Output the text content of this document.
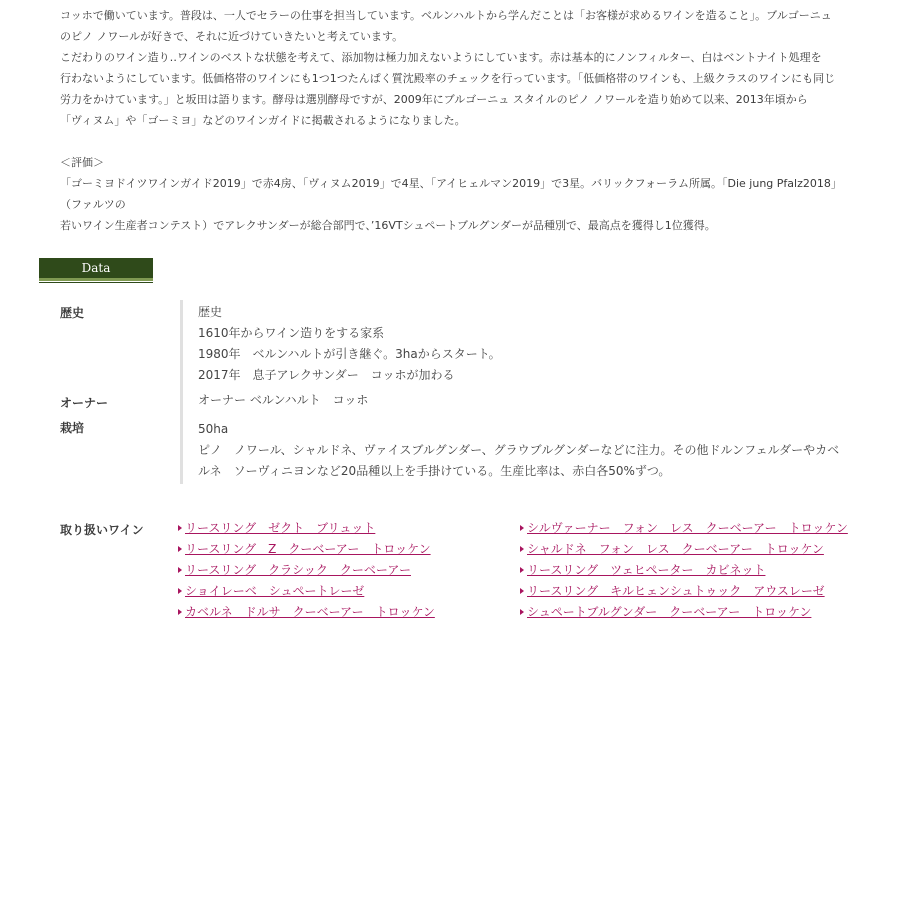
コッホで働いています。普段は、一人でセラーの仕事を担当しています。ベルンハルトから学んだことは「お客様が求めるワインを造ること」。ブルゴーニュ

のピノ ノワールが好きで、それに近づけていきたいと考えています。

こだわりのワイン造り‥ワインのベストな状態を考えて、添加物は極力加えないようにしています。赤は基本的にノンフィルター、白はベントナイト処理を

行わないようにしています。低価格帯のワインにも1つ1つたんぱく質沈殿率のチェックを行っています。「低価格帯のワインも、上級クラスのワインにも同じ

労力をかけています。」と坂田は語ります。酵母は選別酵母ですが、2009年にブルゴーニュ スタイルのピノ ノワールを造り始めて以来、2013年頃から

「ヴィヌム」や「ゴーミヨ」などのワインガイドに掲載されるようになりました。

＜評価＞

「ゴーミヨドイツワインガイド2019」で赤4房、「ヴィヌム2019」で4星、「アイヒェルマン2019」で3星。バリックフォーラム所属。「Die jung Pfalz2018」（ファルツの

若いワイン生産者コンテスト）でアレクサンダーが総合部門で、’16VTシュペートブルグンダーが品種別で、最高点を獲得し1位獲得。

Data
歴史	歴史

1610年からワイン造りをする家系

1980年　ベルンハルトが引き継ぐ。3haからスタート。

2017年　息子アレクサンダー　コッホが加わる

オーナー	オーナー ベルンハルト　コッホ

栽培	50ha

ピノ　ノワール、シャルドネ、ヴァイスブルグンダー、グラウブルグンダーなどに注力。その他ドルンフェルダーやカベ

ルネ　ソーヴィニヨンなど20品種以上を手掛けている。生産比率は、赤白各50%ずつ。

取り扱いワイン	リースリング　ゼクト　ブリュット
リースリング　Z　クーベーアー　トロッケン
リースリング　クラシック　クーベーアー
ショイレーベ　シュペートレーゼ
カベルネ　ドルサ　クーベーアー　トロッケン
シルヴァーナー　フォン　レス　クーベーアー　トロッケン
シャルドネ　フォン　レス　クーベーアー　トロッケン
リースリング　ツェヒペーター　カビネット
リースリング　キルヒェンシュトゥック　アウスレーゼ
シュペートブルグンダー　クーベーアー　トロッケン
